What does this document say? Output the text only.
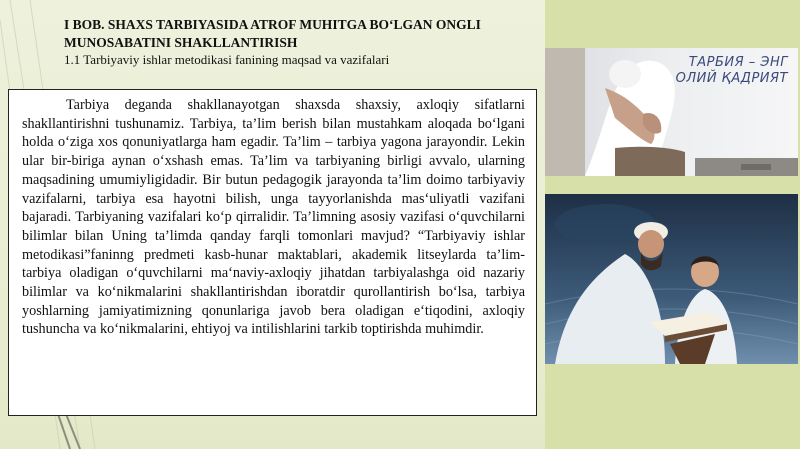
I BOB. SHAXS TARBIYASIDA ATROF MUHITGA BO‘LGAN ONGLI MUNOSABATINI SHAKLLANTIRISH
1.1 Tarbiyaviy ishlar metodikasi fanining maqsad va vazifalari

Tarbiya deganda shakllanayotgan shaxsda shaxsiy, axloqiy sifatlarni shakllantirishni tushunamiz. Tarbiya, ta’lim berish bilan mustahkam aloqada bo‘lgani holda o‘ziga xos qonuniyatlarga ham egadir. Ta’lim – tarbiya yagona jarayondir. Lekin ular bir-biriga aynan o‘xshash emas. Ta’lim va tarbiyaning birligi avvalo, ularning maqsadining umumiyligidadir. Bir butun pedagogik jarayonda ta’lim doimo tarbiyaviy vazifalarni, tarbiya esa hayotni bilish, unga tayyorlanishda mas‘uliyatli vazifani bajaradi. Tarbiyaning vazifalari ko‘p qirralidir. Ta’limning asosiy vazifasi o‘quvchilarni bilimlar bilan Uning ta’limda qanday farqli tomonlari mavjud? “Tarbiyaviy ishlar metodikasi”faninng predmeti kasb-hunar maktablari, akademik litseylarda ta’lim-tarbiya oladigan o‘quvchilarni ma‘naviy-axloqiy jihatdan tarbiyalashga oid nazariy bilimlar va ko‘nikmalarini shakllantirishdan iboratdir qurollantirish bo‘lsa, tarbiya yoshlarning jamiyatimizning qonunlariga javob bera oladigan e‘tiqodini, axloqiy tushuncha va ko‘nikmalarini, ehtiyoj va intilishlarini tarkib toptirishda muhimdir.

ТАРБИЯ – ЭНГ
ОЛИЙ ҚАДРИЯТ
